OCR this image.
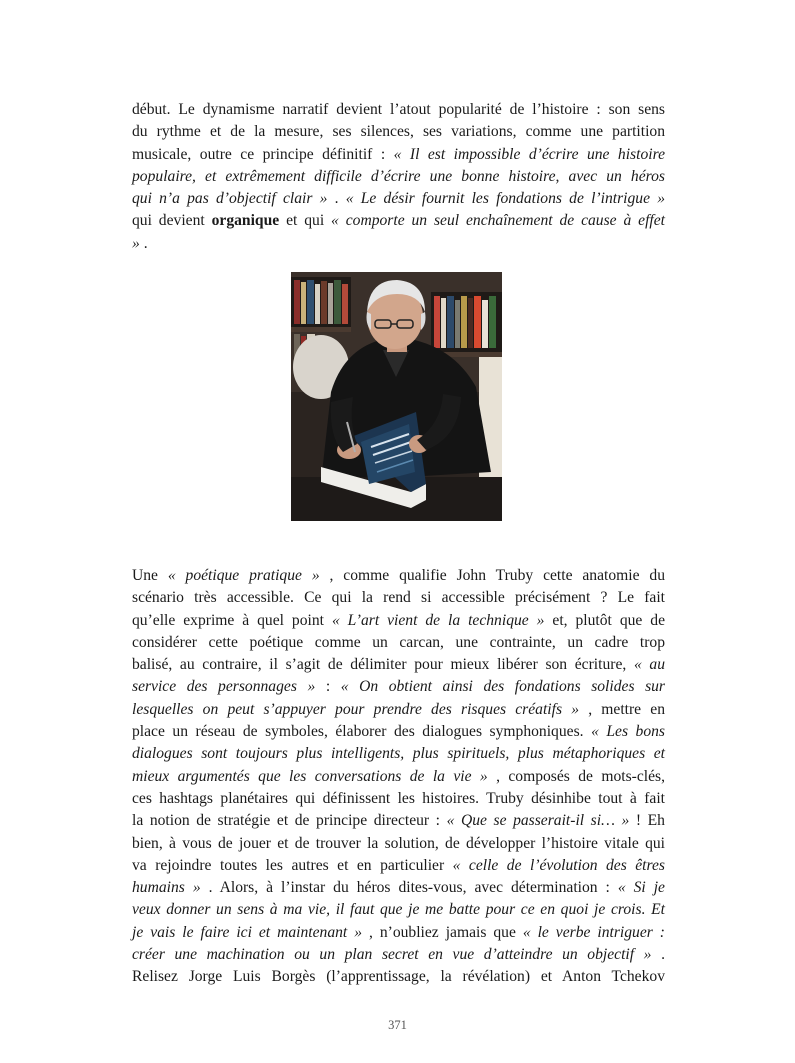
début. Le dynamisme narratif devient l’atout popularité de l’histoire : son sens
du rythme et de la mesure, ses silences, ses variations, comme une partition
musicale, outre ce principe définitif : « Il est impossible d’écrire une histoire
populaire, et extrêmement difficile d’écrire une bonne histoire, avec un héros
qui n’a pas d’objectif clair » . « Le désir fournit les fondations de l’intrigue »
qui devient organique et qui « comporte un seul enchaînement de cause à effet
» .
Une « poétique pratique » , comme qualifie John Truby cette anatomie du
scénario très accessible. Ce qui la rend si accessible précisément ? Le fait
qu’elle exprime à quel point « L’art vient de la technique » et, plutôt que de
considérer cette poétique comme un carcan, une contrainte, un cadre trop
balisé, au contraire, il s’agit de délimiter pour mieux libérer son écriture, « au
service des personnages » : « On obtient ainsi des fondations solides sur
lesquelles on peut s’appuyer pour prendre des risques créatifs » , mettre en
place un réseau de symboles, élaborer des dialogues symphoniques. « Les bons
dialogues sont toujours plus intelligents, plus spirituels, plus métaphoriques et
mieux argumentés que les conversations de la vie » , composés de mots-clés,
ces hashtags planétaires qui définissent les histoires. Truby désinhibe tout à fait
la notion de stratégie et de principe directeur : « Que se passerait-il si… » ! Eh
bien, à vous de jouer et de trouver la solution, de développer l’histoire vitale qui
va rejoindre toutes les autres et en particulier « celle de l’évolution des êtres
humains » . Alors, à l’instar du héros dites-vous, avec détermination : « Si je
veux donner un sens à ma vie, il faut que je me batte pour ce en quoi je crois. Et
je vais le faire ici et maintenant » , n’oubliez jamais que « le verbe intriguer :
créer une machination ou un plan secret en vue d’atteindre un objectif » .
Relisez Jorge Luis Borgès (l’apprentissage, la révélation) et Anton Tchekov
371
